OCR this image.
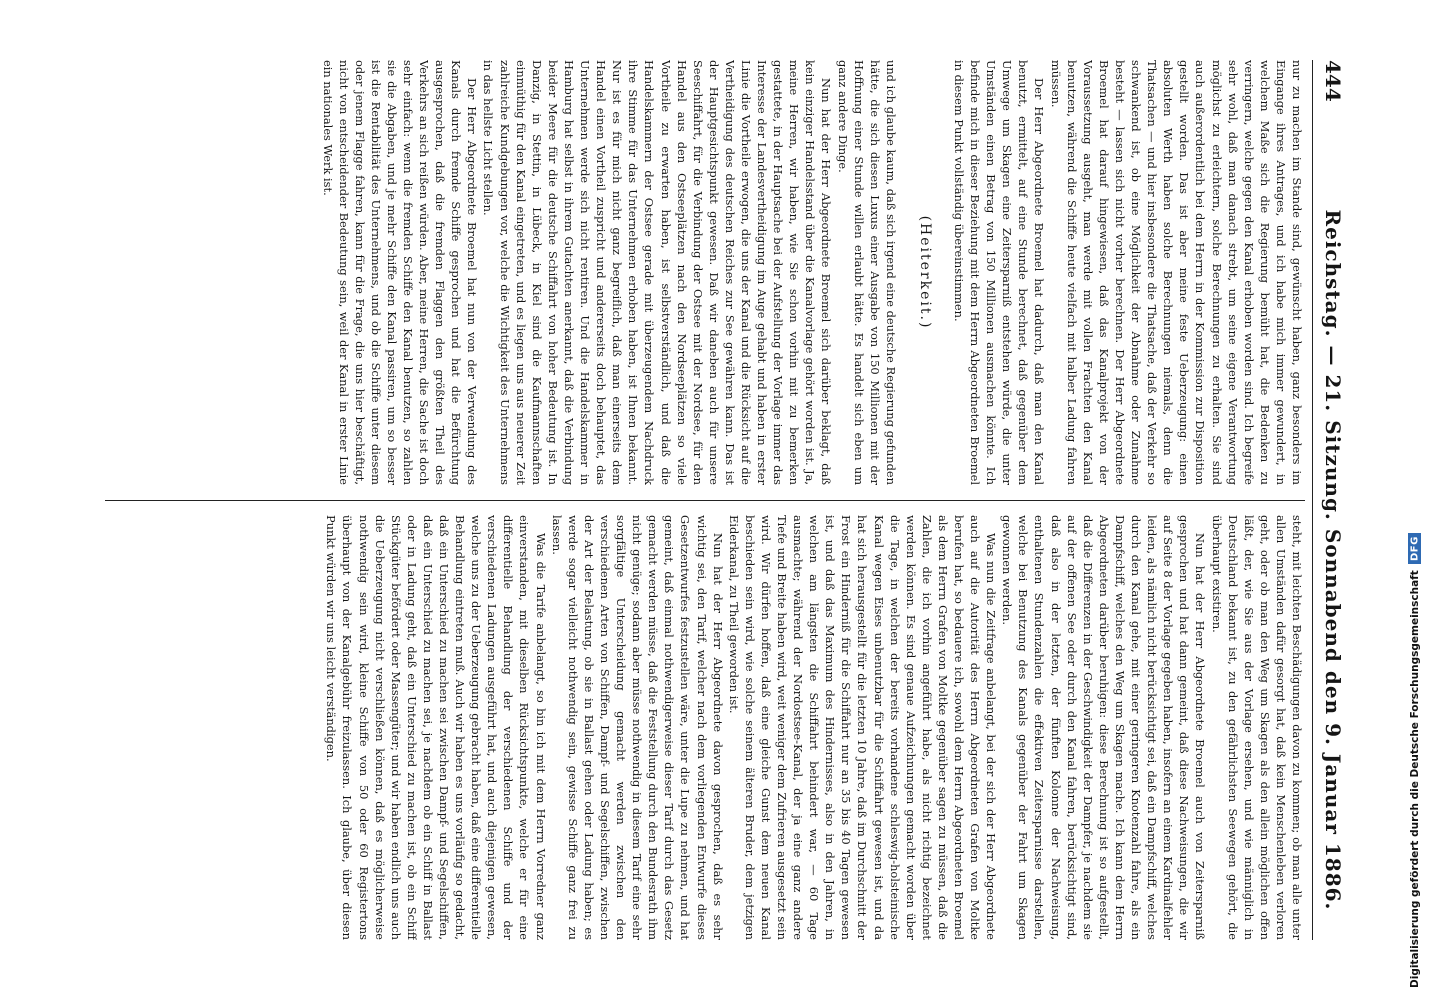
444
Reichstag. — 21. Sitzung. Sonnabend den 9. Januar 1886.

nur zu machen im Stande sind, gewünscht haben, ganz besonders im Eingange ihres Antrages, und ich habe mich immer gewundert, in welchem Maße sich die Regierung bemüht hat, die Bedenken zu verringern, welche gegen den Kanal erhoben worden sind. Ich begreife sehr wohl, daß man danach strebt, um seine eigene Verantwortung möglichst zu erleichtern, solche Berechnungen zu erhalten. Sie sind auch außerordentlich bei dem Herrn in der Kommission zur Disposition gestellt worden. Das ist aber meine feste Ueberzeugung: einen absoluten Werth haben solche Berechnungen niemals, denn die Thatsachen — und hier insbesondere die Thatsache, daß der Verkehr so schwankend ist, ob eine Möglichkeit der Abnahme oder Zunahme besteht — lassen sich nicht vorher berechnen. Der Herr Abgeordnete Broemel hat darauf hingewiesen, daß das Kanalprojekt von der Voraussetzung ausgeht, man werde mit vollen Frachten den Kanal benutzen, während die Schiffe heute vielfach mit halber Ladung fahren müssen.

Der Herr Abgeordnete Broemel hat dadurch, daß man den Kanal benutzt, ermittelt, auf eine Stunde berechnet, daß gegenüber dem Umwege um Skagen eine Zeitersparniß entstehen würde, die unter Umständen einen Betrag von 150 Millionen ausmachen könnte. Ich befinde mich in dieser Beziehung mit dem Herrn Abgeordneten Broemel in diesem Punkt vollständig übereinstimmen.

(Heiterkeit.)

und ich glaube kaum, daß sich irgend eine deutsche Regierung gefunden hätte, die sich diesen Luxus einer Ausgabe von 150 Millionen mit der Hoffnung einer Stunde willen erlaubt hätte. Es handelt sich eben um ganz andere Dinge.

Nun hat der Herr Abgeordnete Broemel sich darüber beklagt, daß kein einziger Handelsstand über die Kanalvorlage gehört worden ist. Ja, meine Herren, wir haben, wie Sie schon vorhin mit zu bemerken gestattete, in der Hauptsache bei der Aufstellung der Vorlage immer das Interesse der Landesvertheidigung im Auge gehabt und haben in erster Linie die Vortheile erwogen, die uns der Kanal und die Rücksicht auf die Vertheidigung des deutschen Reiches zur See gewähren kann. Das ist der Hauptgesichtspunkt gewesen. Daß wir daneben auch für unsere Seeschiffahrt, für die Verbindung der Ostsee mit der Nordsee, für den Handel aus den Ostseeplätzen nach den Nordseeplätzen so viele Vortheile zu erwarten haben, ist selbstverständlich, und daß die Handelskammern der Ostsee gerade mit überzeugendem Nachdruck ihre Stimme für das Unternehmen erhoben haben, ist Ihnen bekannt. Nur ist es für mich nicht ganz begreiflich, daß man einerseits dem Handel einen Vortheil zuspricht und andererseits doch behauptet, das Unternehmen werde sich nicht rentiren. Und die Handelskammer in Hamburg hat selbst in ihrem Gutachten anerkannt, daß die Verbindung beider Meere für die deutsche Schiffahrt von hoher Bedeutung ist. In Danzig, in Stettin, in Lübeck, in Kiel sind die Kaufmannschaften einmüthig für den Kanal eingetreten, und es liegen uns aus neuerer Zeit zahlreiche Kundgebungen vor, welche die Wichtigkeit des Unternehmens in das hellste Licht stellen.

Der Herr Abgeordnete Broemel hat nun von der Verwendung des Kanals durch fremde Schiffe gesprochen und hat die Befürchtung ausgesprochen, daß die fremden Flaggen den größten Theil des Verkehrs an sich reißen würden. Aber, meine Herren, die Sache ist doch sehr einfach: wenn die fremden Schiffe den Kanal benutzen, so zahlen sie die Abgaben, und je mehr Schiffe den Kanal passiren, um so besser ist die Rentabilität des Unternehmens, und ob die Schiffe unter diesem oder jenem Flagge fahren, kann für die Frage, die uns hier beschäftigt, nicht von entscheidender Bedeutung sein, weil der Kanal in erster Linie ein nationales Werk ist.

steht, mit leichten Beschädigungen davon zu kommen; ob man alle unter allen Umständen dafür gesorgt hat, daß kein Menschenleben verloren geht, oder ob man den Weg um Skagen als den allein möglichen offen läßt, der, wie Sie aus der Vorlage ersehen, und wie männiglich in Deutschland bekannt ist, zu den gefährlichsten Seewegen gehört, die überhaupt existiren.

Nun hat der Herr Abgeordnete Broemel auch von Zeitersparniß gesprochen und hat dann gemeint, daß diese Nachweisungen, die wir auf Seite 8 der Vorlage gegeben haben, insofern an einem Kardinalfehler leiden, als nämlich nicht berücksichtigt sei, daß ein Dampfschiff, welches durch den Kanal gehe, mit einer geringeren Knotenzahl fahre, als ein Dampfschiff, welches den Weg um Skagen mache. Ich kann dem Herrn Abgeordneten darüber beruhigen: diese Berechnung ist so aufgestellt, daß die Differenzen in der Geschwindigkeit der Dampfer, je nachdem sie auf der offenen See oder durch den Kanal fahren, berücksichtigt sind, daß also in der letzten, der fünften Kolonne der Nachweisung, enthaltenen Stundenzahlen die effektiven Zeitersparnisse darstellen, welche bei Benutzung des Kanals gegenüber der Fahrt um Skagen gewonnen werden.

Was nun die Zeitfrage anbelangt, bei der sich der Herr Abgeordnete auch auf die Autorität des Herrn Abgeordneten Grafen von Moltke berufen hat, so bedauere ich, sowohl dem Herrn Abgeordneten Broemel als dem Herrn Grafen von Moltke gegenüber sagen zu müssen, daß die Zahlen, die ich vorhin angeführt habe, als nicht richtig bezeichnet werden können. Es sind genaue Aufzeichnungen gemacht worden über die Tage, in welchen der bereits vorhandene schleswig-holsteinische Kanal wegen Eises unbenutzbar für die Schiffahrt gewesen ist, und da hat sich herausgestellt für die letzten 10 Jahre, daß im Durchschnitt der Frost ein Hinderniß für die Schiffahrt nur an 35 bis 40 Tagen gewesen ist, und daß das Maximum des Hindernisses, also in den Jahren, in welchen am längsten die Schiffahrt behindert war, — 60 Tage ausmachte; während der Nordostsee-Kanal, der ja eine ganz andere Tiefe und Breite haben wird, weit weniger dem Zufrieren ausgesetzt sein wird. Wir dürfen hoffen, daß eine gleiche Gunst dem neuen Kanal beschieden sein wird, wie solche seinem älteren Bruder, dem jetzigen Eiderkanal, zu Theil geworden ist.

Nun hat der Herr Abgeordnete davon gesprochen, daß es sehr wichtig sei, den Tarif, welcher nach dem vorliegenden Entwurfe dieses Gesetzentwurfes festzustellen wäre, unter die Lupe zu nehmen, und hat gemeint, daß einmal nothwendigerweise dieser Tarif durch das Gesetz gemacht werden müsse, daß die Feststellung durch den Bundesrath ihm nicht genüge; sodann aber müsse nothwendig in diesem Tarif eine sehr sorgfältige Unterscheidung gemacht werden zwischen den verschiedenen Arten von Schiffen, Dampf- und Segelschiffen, zwischen der Art der Belastung, ob sie in Ballast gehen oder Ladung haben; es werde sogar vielleicht nothwendig sein, gewisse Schiffe ganz frei zu lassen.

Was die Tarife anbelangt, so bin ich mit dem Herrn Vorredner ganz einverstanden, mit dieselben Rücksichtspunkte, welche er für eine differentielle Behandlung der verschiedenen Schiffe und der verschiedenen Ladungen ausgeführt hat, und auch diejenigen gewesen, welche uns zu der Ueberzeugung gebracht haben, daß eine differentielle Behandlung eintreten muß. Auch wir haben es uns vorläufig so gedacht, daß ein Unterschied zu machen sei zwischen Dampf- und Segelschiffen, daß ein Unterschied zu machen sei, je nachdem ob ein Schiff in Ballast oder in Ladung geht, daß ein Unterschied zu machen ist, ob ein Schiff Stückgüter befördert oder Massengüter; und wir haben endlich uns auch die Ueberzeugung nicht verschließen können, daß es möglicherweise nothwendig sein wird, kleine Schiffe von 50 oder 60 Registertons überhaupt von der Kanalgebühr freizulassen. Ich glaube, über diesen Punkt würden wir uns leicht verständigen.	Digitalisierung gefördert durch die Deutsche Forschungsgemeinschaft
DFG
